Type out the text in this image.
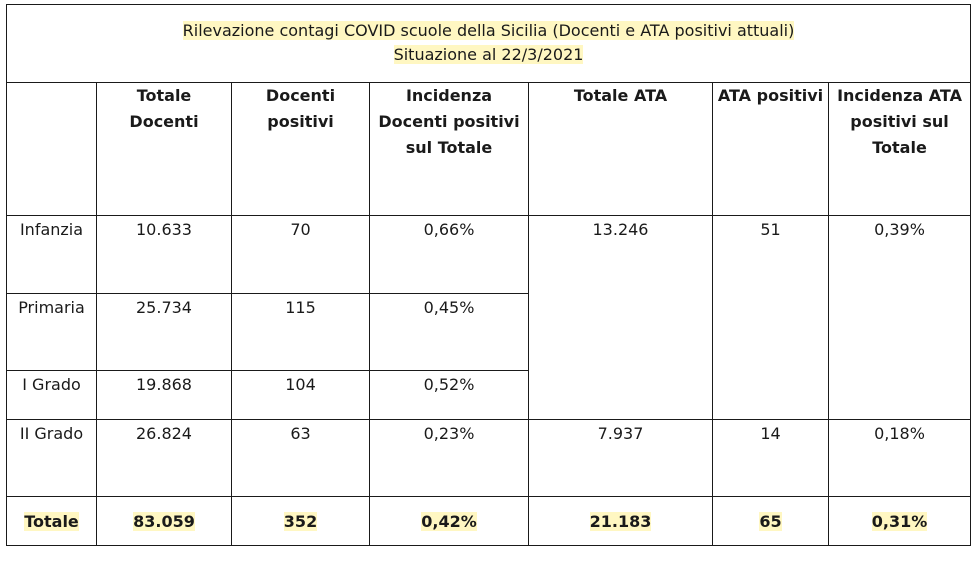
Rilevazione contagi COVID scuole della Sicilia (Docenti e ATA positivi attuali)
Situazione al 22/3/2021						
	Totale Docenti	Docenti positivi	Incidenza Docenti positivi sul Totale	Totale ATA	ATA positivi	Incidenza ATA positivi sul Totale
Infanzia	10.633	70	0,66%	13.246	51	0,39%
Primaria	25.734	115	0,45%			
I Grado	19.868	104	0,52%			
II Grado	26.824	63	0,23%	7.937	14	0,18%
Totale	83.059	352	0,42%	21.183	65	0,31%
